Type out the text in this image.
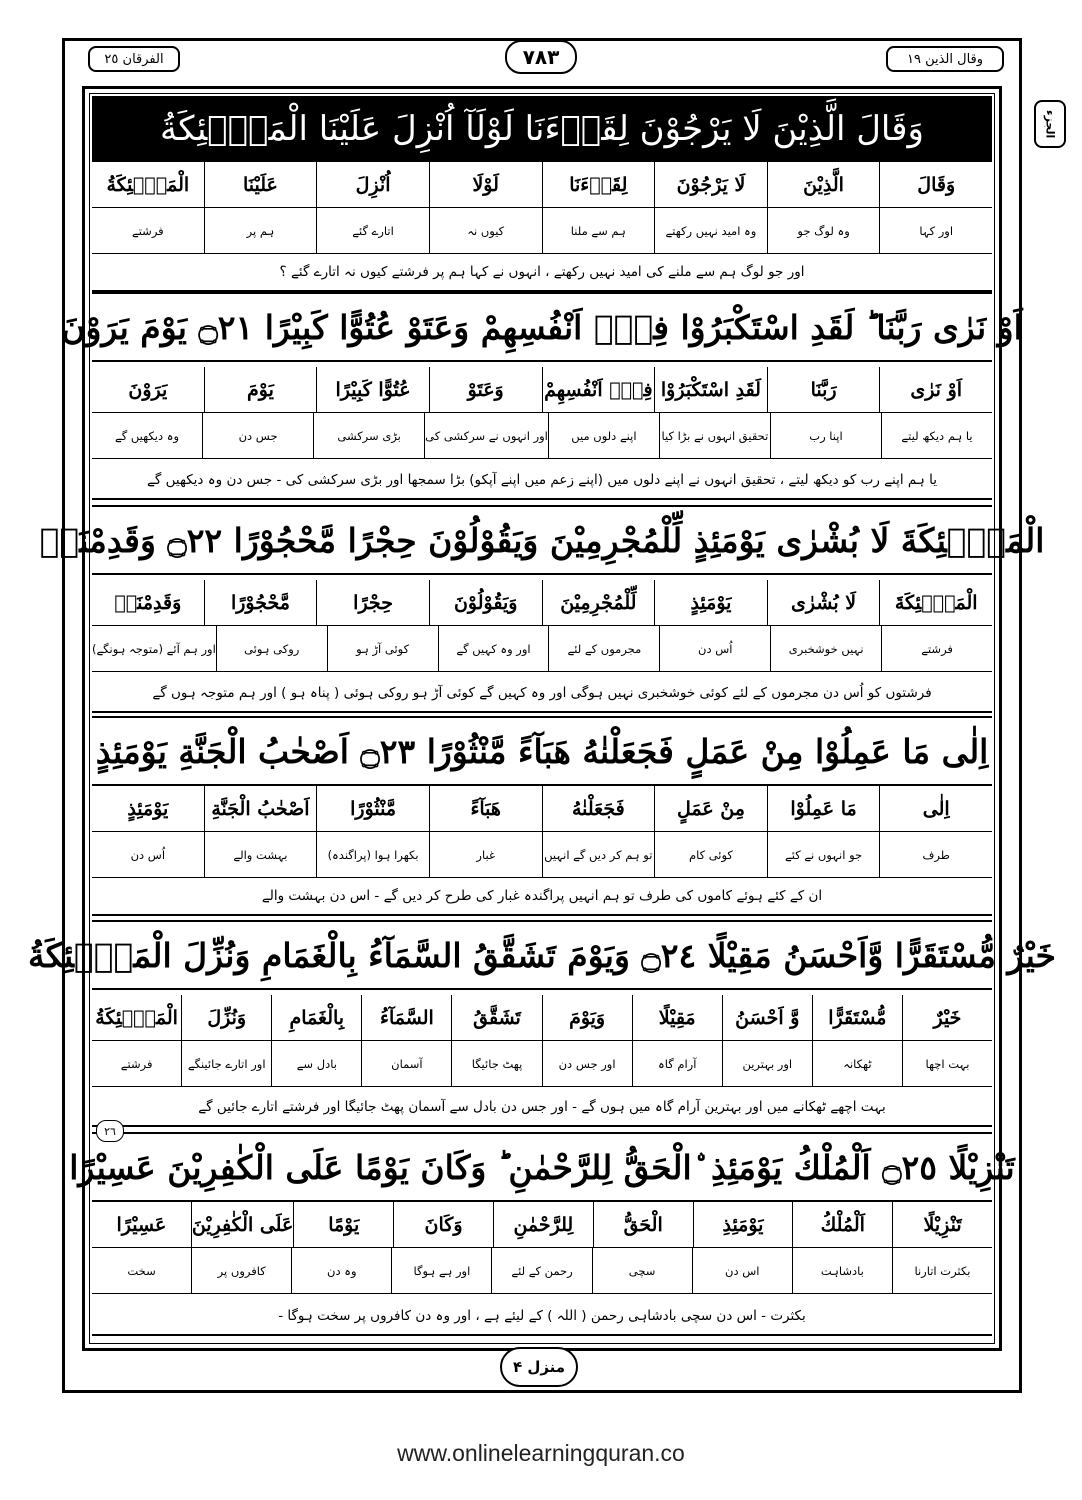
وقال الذين ١٩
الفرقان ٢٥	٧٨٣
الجزء
وَقَالَ الَّذِيْنَ لَا يَرْجُوْنَ لِقَاۤءَنَا لَوْلَآ اُنْزِلَ عَلَيْنَا الْمَلٰۤئِكَةُ
وَقَالَ
الَّذِيْنَ
لَا يَرْجُوْنَ
لِقَاۤءَنَا
لَوْلَا
اُنْزِلَ
عَلَيْنَا
الْمَلٰۤئِكَةُ
اور کہا
وہ لوگ جو
وہ امید نہیں رکھتے
ہم سے ملنا
کیوں نہ
اتارے گئے
ہم پر
فرشتے
اور جو لوگ ہم سے ملنے کی امید نہیں رکھتے ، انہوں نے کہا ہم پر فرشتے کیوں نہ اتارے گئے ؟
اَوْ نَرٰى رَبَّنَا ؕ لَقَدِ اسْتَكْبَرُوْا فِیْۤ اَنْفُسِهِمْ وَعَتَوْ عُتُوًّا كَبِیْرًا ۝٢١ یَوْمَ یَرَوْنَ
اَوْ نَرٰى
رَبَّنَا
لَقَدِ اسْتَكْبَرُوْا
فِیْۤ اَنْفُسِهِمْ
وَعَتَوْ
عُتُوًّا كَبِیْرًا
یَوْمَ
یَرَوْنَ
یا ہم دیکھ لیتے
اپنا رب
تحقیق انہوں نے بڑا کیا
اپنے دلوں میں
اور انہوں نے سرکشی کی
بڑی سرکشی
جس دن
وہ دیکھیں گے
یا ہم اپنے رب کو دیکھ لیتے ، تحقیق انہوں نے اپنے دلوں میں (اپنے زعم میں اپنے آپکو) بڑا سمجھا اور بڑی سرکشی کی - جس دن وہ دیکھیں گے
الْمَلٰۤئِكَةَ لَا بُشْرٰى یَوْمَئِذٍ لِّلْمُجْرِمِیْنَ وَیَقُوْلُوْنَ حِجْرًا مَّحْجُوْرًا ۝٢٢ وَقَدِمْنَاۤ
الْمَلٰۤئِكَةَ
لَا بُشْرٰى
یَوْمَئِذٍ
لِّلْمُجْرِمِیْنَ
وَیَقُوْلُوْنَ
حِجْرًا
مَّحْجُوْرًا
وَقَدِمْنَاۤ
فرشتے
نہیں خوشخبری
اُس دن
مجرموں کے لئے
اور وہ کہیں گے
کوئی آڑ ہو
روکی ہوئی
اور ہم آئے (متوجہ ہونگے)
فرشتوں کو اُس دن مجرموں کے لئے کوئی خوشخبری نہیں ہوگی اور وہ کہیں گے کوئی آڑ ہو روکی ہوئی ( پناہ ہو ) اور ہم متوجہ ہوں گے
اِلٰى مَا عَمِلُوْا مِنْ عَمَلٍ فَجَعَلْنٰهُ هَبَآءً مَّنْثُوْرًا ۝٢٣ اَصْحٰبُ الْجَنَّةِ یَوْمَئِذٍ
اِلٰى
مَا عَمِلُوْا
مِنْ عَمَلٍ
فَجَعَلْنٰهُ
هَبَآءً
مَّنْثُوْرًا
اَصْحٰبُ الْجَنَّةِ
یَوْمَئِذٍ
طرف
جو انہوں نے کئے
کوئی کام
تو ہم کر دیں گے انہیں
غبار
بکھرا ہوا (پراگندہ)
بہشت والے
اُس دن
ان کے کئے ہوئے کاموں کی طرف تو ہم انہیں پراگندہ غبار کی طرح کر دیں گے - اس دن بہشت والے
خَیْرٌ مُّسْتَقَرًّا وَّاَحْسَنُ مَقِیْلًا ۝٢٤ وَیَوْمَ تَشَقَّقُ السَّمَآءُ بِالْغَمَامِ وَنُزِّلَ الْمَلٰۤئِكَةُ
خَیْرٌ
مُّسْتَقَرًّا
وَّ اَحْسَنُ
مَقِیْلًا
وَیَوْمَ
تَشَقَّقُ
السَّمَآءُ
بِالْغَمَامِ
وَنُزِّلَ
الْمَلٰۤئِكَةُ
بہت اچھا
ٹھکانہ
اور بہترین
آرام گاہ
اور جس دن
پھٹ جائیگا
آسمان
بادل سے
اور اتارے جائینگے
فرشتے
بہت اچھے ٹھکانے میں اور بہترین آرام گاہ میں ہوں گے - اور جس دن بادل سے آسمان پھٹ جائیگا اور فرشتے اتارے جائیں گے
تَنْزِیْلًا ۝٢٥ اَلْمُلْكُ یَوْمَئِذِ ۨالْحَقُّ لِلرَّحْمٰنِ ؕ وَكَانَ یَوْمًا عَلَى الْكٰفِرِیْنَ عَسِیْرًا
تَنْزِیْلًا
اَلْمُلْكُ
یَوْمَئِذِ
الْحَقُّ
لِلرَّحْمٰنِ
وَكَانَ
یَوْمًا
عَلَى الْكٰفِرِیْنَ
عَسِیْرًا
بکثرت اتارنا
بادشاہت
اس دن
سچی
رحمن کے لئے
اور ہے ہوگا
وہ دن
کافروں پر
سخت
بکثرت - اس دن سچی بادشاہی رحمن ( اللہ ) کے لیئے ہے ، اور وہ دن کافروں پر سخت ہوگا -
٢٦
منزل ۴
www.onlinelearningquran.co
